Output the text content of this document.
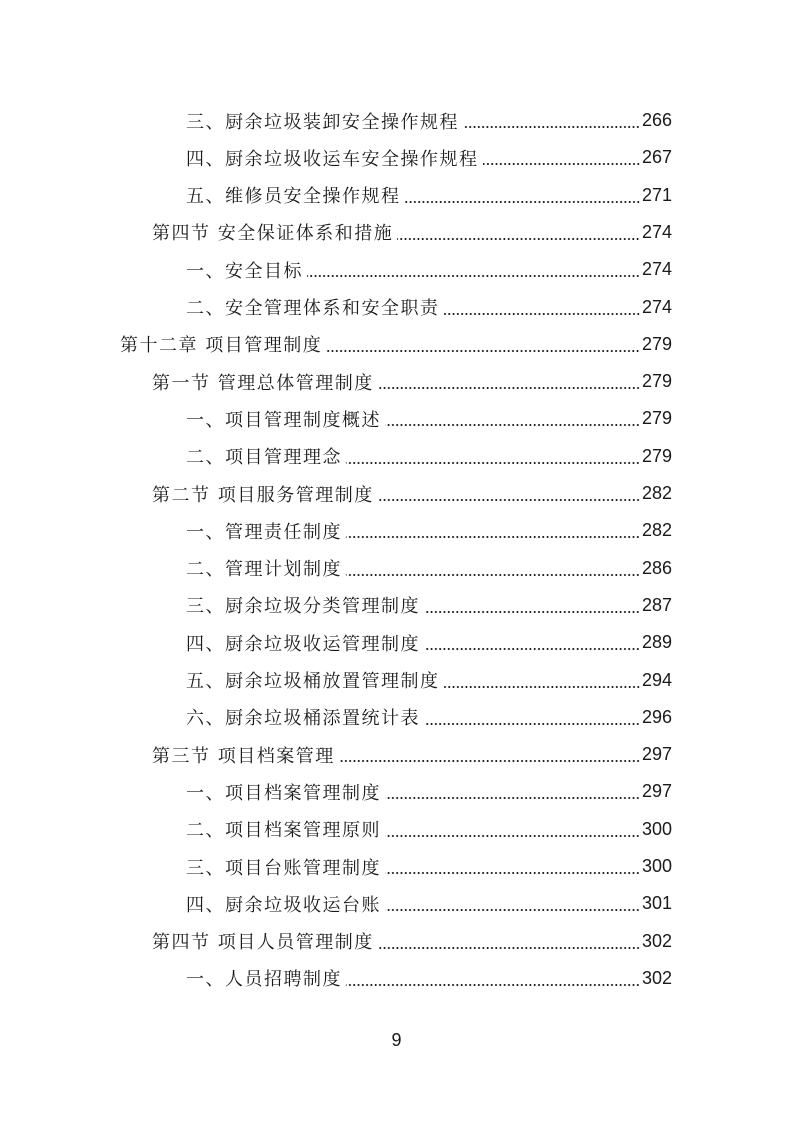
三、厨余垃圾装卸安全操作规程	266
四、厨余垃圾收运车安全操作规程	267
五、维修员安全操作规程	271
第四节 安全保证体系和措施	274
一、安全目标	274
二、安全管理体系和安全职责	274
第十二章 项目管理制度	279
第一节 管理总体管理制度	279
一、项目管理制度概述	279
二、项目管理理念	279
第二节 项目服务管理制度	282
一、管理责任制度	282
二、管理计划制度	286
三、厨余垃圾分类管理制度	287
四、厨余垃圾收运管理制度	289
五、厨余垃圾桶放置管理制度	294
六、厨余垃圾桶添置统计表	296
第三节 项目档案管理	297
一、项目档案管理制度	297
二、项目档案管理原则	300
三、项目台账管理制度	300
四、厨余垃圾收运台账	301
第四节 项目人员管理制度	302
一、人员招聘制度	302
9
